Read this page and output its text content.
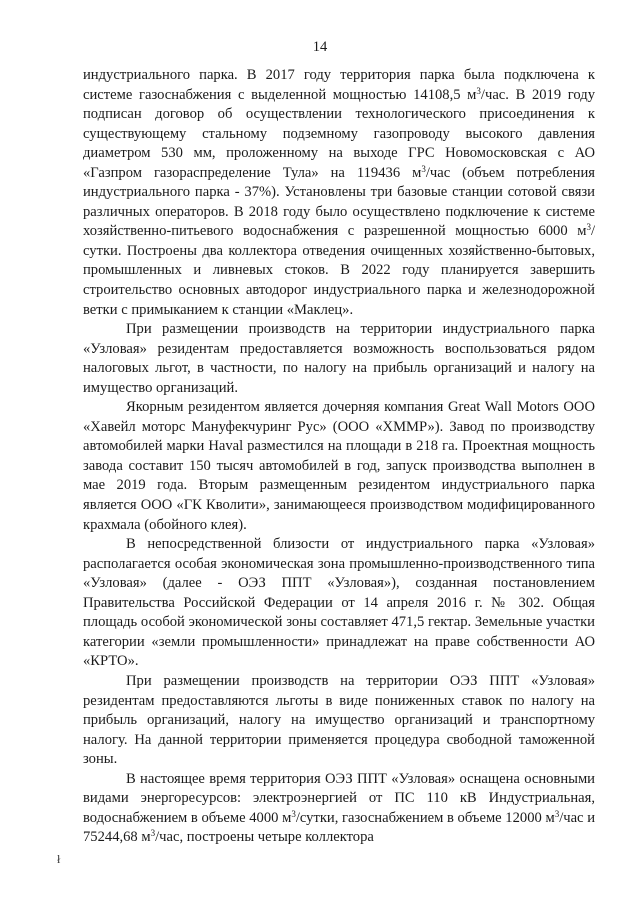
14

индустриального парка. В 2017 году территория парка была подключена к системе газоснабжения с выделенной мощностью 14108,5 $м^3$/час. В 2019 году подписан договор об осуществлении технологического присоединения к существующему стальному подземному газопроводу высокого давления диаметром 530 мм, проложенному на выходе ГРС Новомосковская с АО «Газпром газораспределение Тула» на 119436 $м^3$/час (объем потребления индустриального парка - 37%). Установлены три базовые станции сотовой связи различных операторов. В 2018 году было осуществлено подключение к системе хозяйственно-питьевого водоснабжения с разрешенной мощностью 6000 $м^3$/сутки. Построены два коллектора отведения очищенных хозяйственно-бытовых, промышленных и ливневых стоков. В 2022 году планируется завершить строительство основных автодорог индустриального парка и железнодорожной ветки с примыканием к станции «Маклец».

При размещении производств на территории индустриального парка «Узловая» резидентам предоставляется возможность воспользоваться рядом налоговых льгот, в частности, по налогу на прибыль организаций и налогу на имущество организаций.

Якорным резидентом является дочерняя компания Great Wall Motors ООО «Хавейл моторс Мануфекчуринг Рус» (ООО «ХММР»). Завод по производству автомобилей марки Haval разместился на площади в 218 га. Проектная мощность завода составит 150 тысяч автомобилей в год, запуск производства выполнен в мае 2019 года. Вторым размещенным резидентом индустриального парка является ООО «ГК Кволити», занимающееся производством модифицированного крахмала (обойного клея).

В непосредственной близости от индустриального парка «Узловая» располагается особая экономическая зона промышленно-производственного типа «Узловая» (далее - ОЭЗ ППТ «Узловая»), созданная постановлением Правительства Российской Федерации от 14 апреля 2016 г. № 302. Общая площадь особой экономической зоны составляет 471,5 гектар. Земельные участки категории «земли промышленности» принадлежат на праве собственности АО «КРТО».

При размещении производств на территории ОЭЗ ППТ «Узловая» резидентам предоставляются льготы в виде пониженных ставок по налогу на прибыль организаций, налогу на имущество организаций и транспортному налогу. На данной территории применяется процедура свободной таможенной зоны.

В настоящее время территория ОЭЗ ППТ «Узловая» оснащена основными видами энергоресурсов: электроэнергией от ПС 110 кВ Индустриальная, водоснабжением в объеме 4000 $м^3$/сутки, газоснабжением в объеме 12000 $м^3$/час и 75244,68 $м^3$/час, построены четыре коллектора

ł
